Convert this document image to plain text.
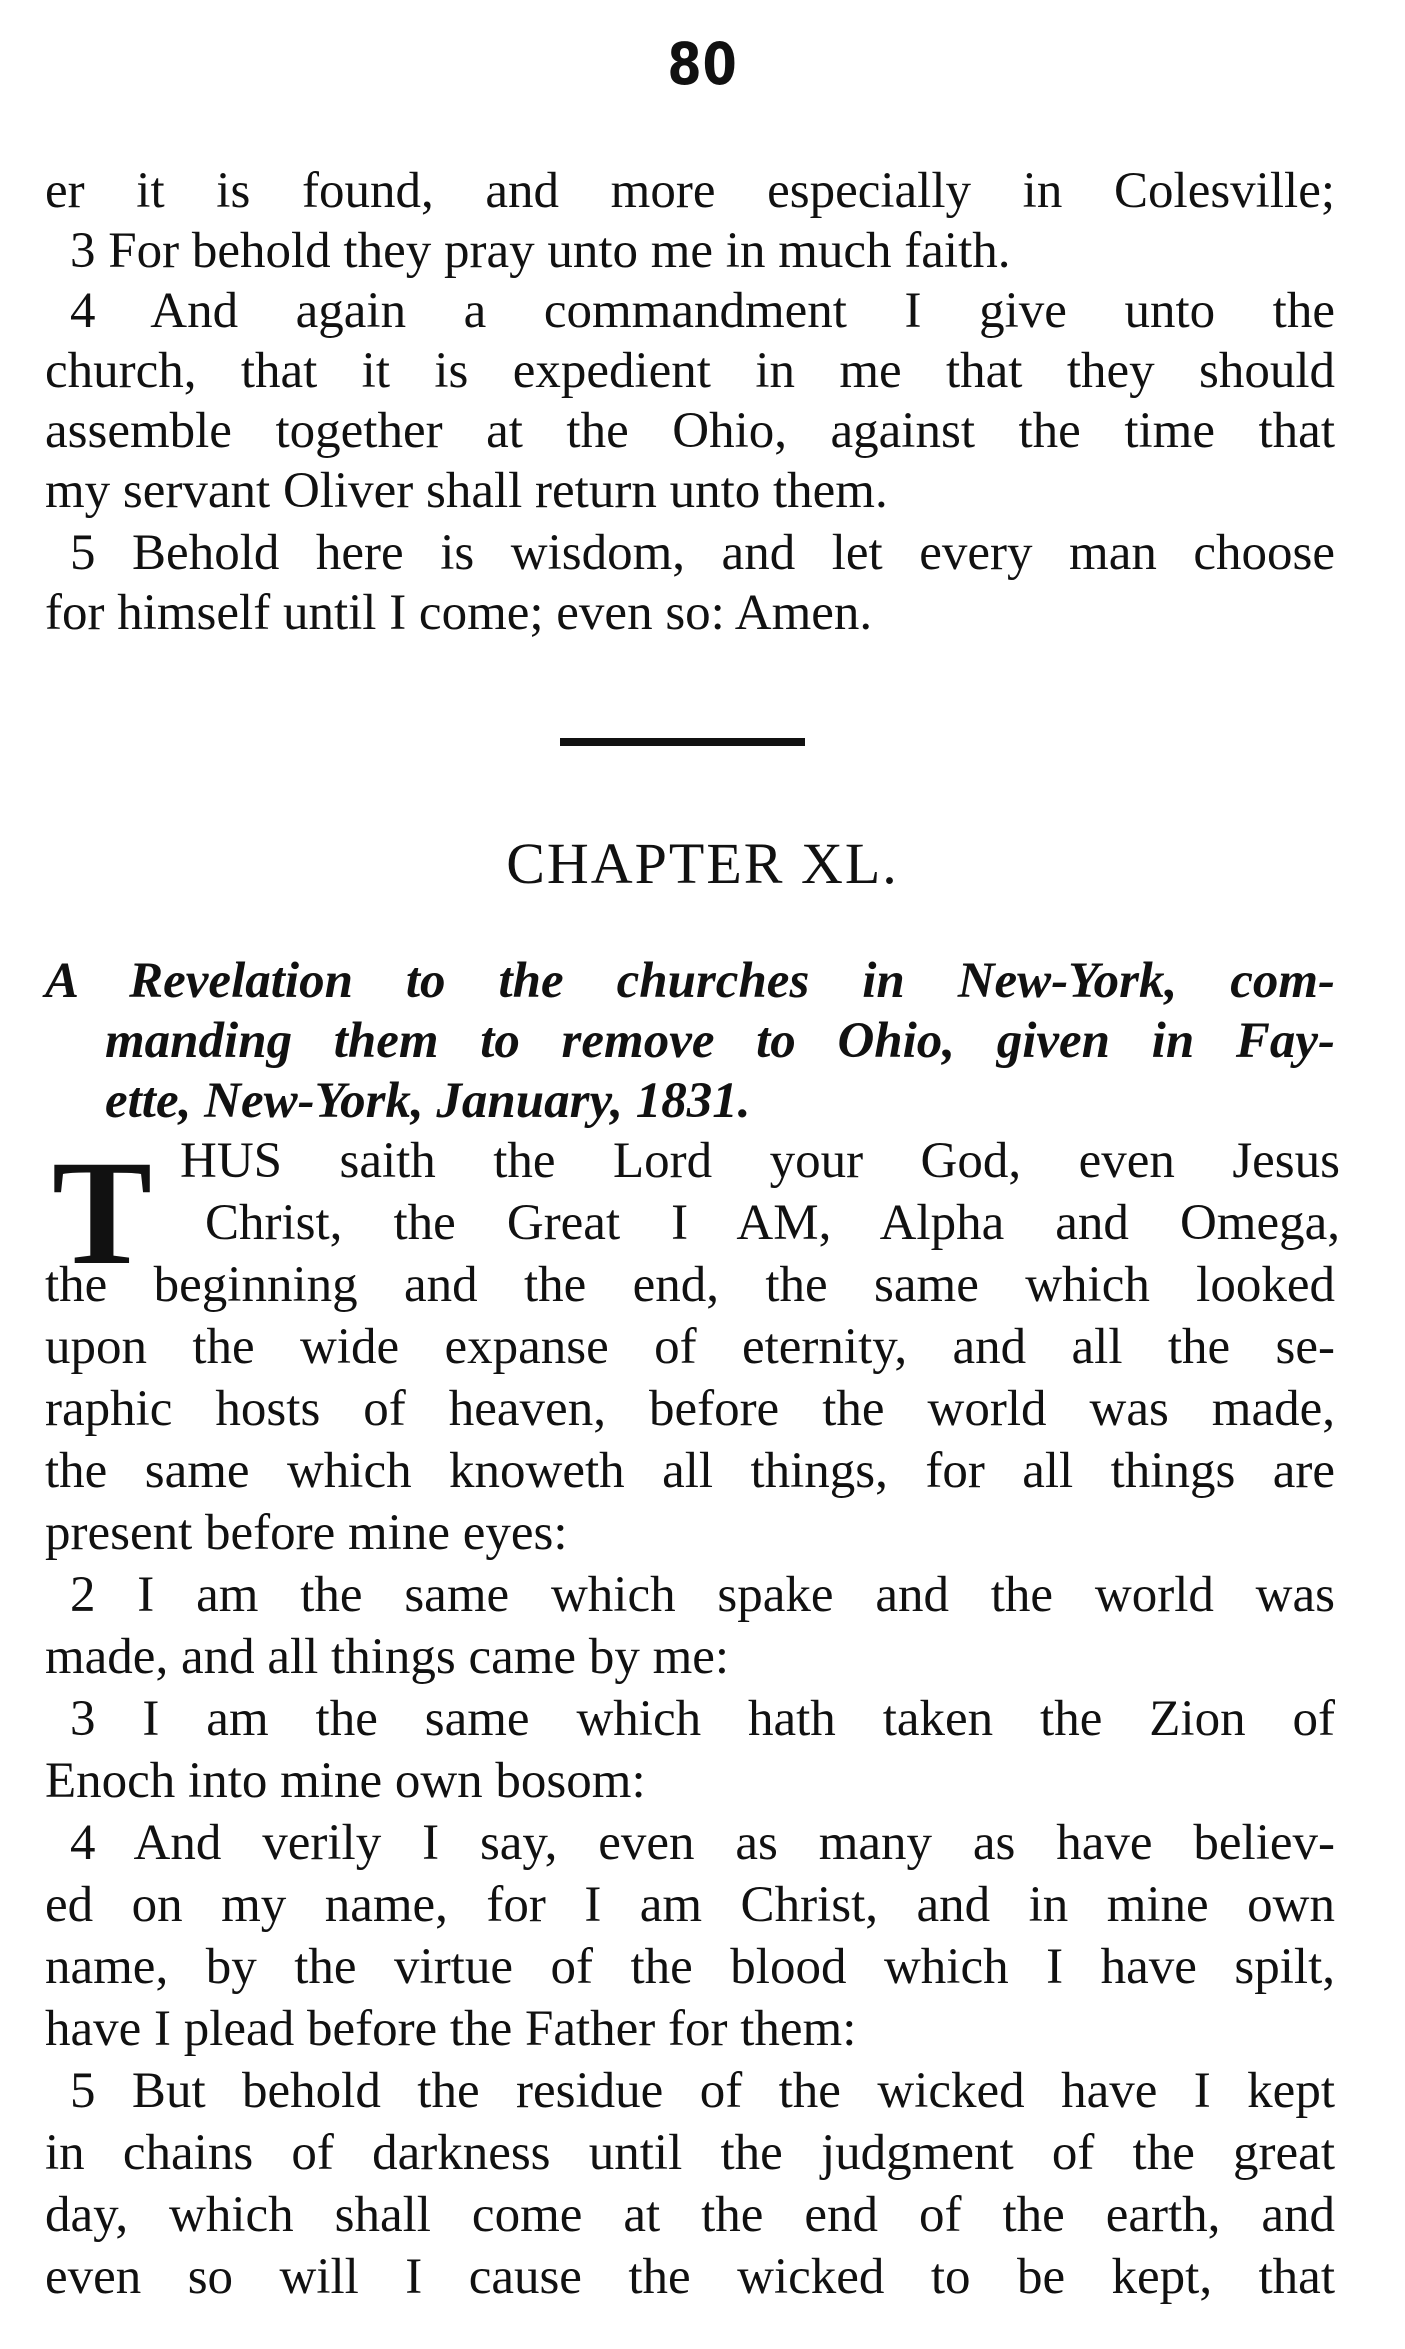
80
er it is found, and more especially in Colesville;
3 For behold they pray unto me in much faith.
4 And again a commandment I give unto the
church, that it is expedient in me that they should
assemble together at the Ohio, against the time that
my servant Oliver shall return unto them.
5 Behold here is wisdom, and let every man choose
for himself until I come; even so: Amen.
CHAPTER XL.
A Revelation to the churches in New-York, com-
manding them to remove to Ohio, given in Fay-
ette, New-York, January, 1831.
T HUS saith the Lord your God, even Jesus
Christ, the Great I AM, Alpha and Omega,
the beginning and the end, the same which looked
upon the wide expanse of eternity, and all the se-
raphic hosts of heaven, before the world was made,
the same which knoweth all things, for all things are
present before mine eyes:
2 I am the same which spake and the world was
made, and all things came by me:
3 I am the same which hath taken the Zion of
Enoch into mine own bosom:
4 And verily I say, even as many as have believ-
ed on my name, for I am Christ, and in mine own
name, by the virtue of the blood which I have spilt,
have I plead before the Father for them:
5 But behold the residue of the wicked have I kept
in chains of darkness until the judgment of the great
day, which shall come at the end of the earth, and
even so will I cause the wicked to be kept, that
